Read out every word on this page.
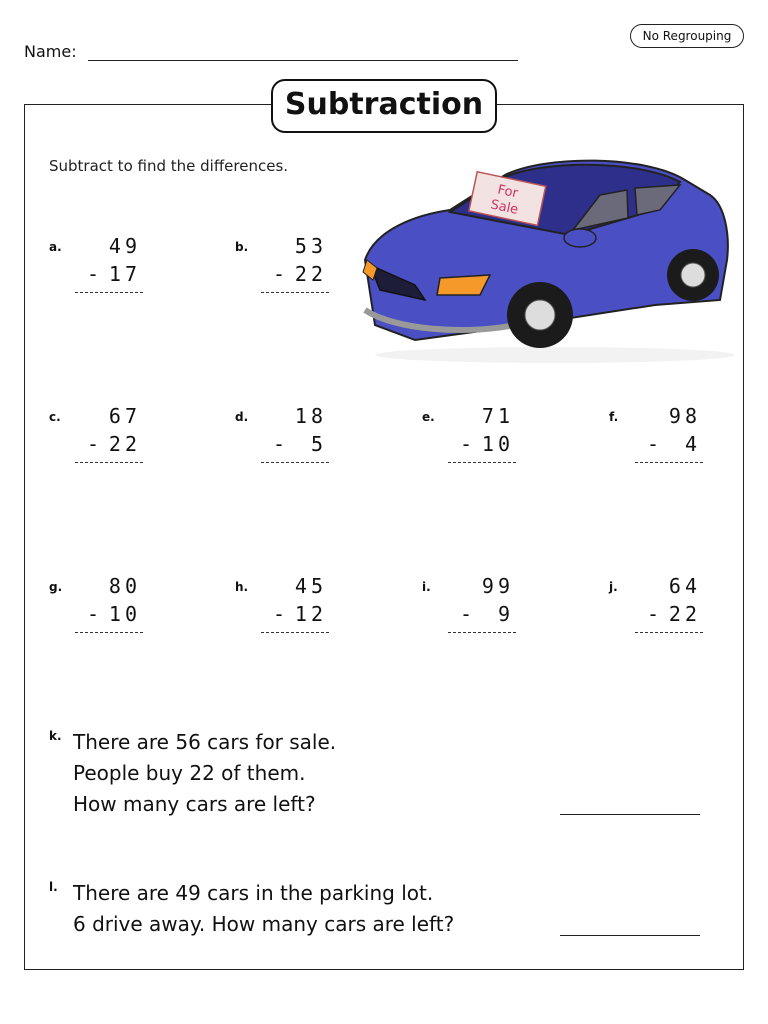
No Regrouping
Name:
Subtraction
Subtract to find the differences.
For
Sale
a. 49
- 17
b. 53
- 22
c. 67
- 22
d. 18
- 5
e. 71
- 10
f.	98
- 4
g. 80
- 10
h. 45
- 12
i.	99
- 9
j.	64
- 22
k. There are 56 cars for sale.
People buy 22 of them.
How many cars are left?
l. There are 49 cars in the parking lot.
6 drive away. How many cars are left?
